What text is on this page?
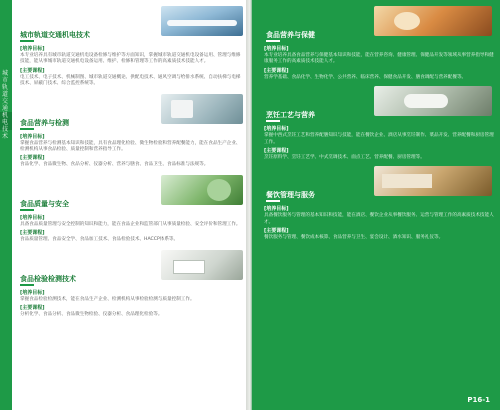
城市轨道交通机电技术
城市轨道交通机电技术
[培养目标]
本专业培养具有城市轨道交通机电设备检修与维护等方面知识，掌握城市轨道交通机电设备运用、管理与维修技能，能从事城市轨道交通机电设备运用、维护、检修和管理等工作的高素质技术技能人才。
[主要课程]
电工技术、电子技术、机械制图、城市轨道交通概论、供配电技术、通风空调与给排水系统、自动扶梯与电梯技术、屏蔽门技术、综合监控系统等。
食品营养与检测
[培养目标]
掌握食品营养与检测基本知识和技能，具有食品理化检验、微生物检验和营养配餐能力，能在食品生产企业、检测机构从事食品检验、质量控制和营养指导工作。
[主要课程]
食品化学、食品微生物、食品分析、仪器分析、营养与膳食、食品卫生、食品标准与法规等。
食品质量与安全
[培养目标]
具备食品质量管理与安全控制的知识和能力，能在食品企业和监管部门从事质量检验、安全评价和管理工作。
[主要课程]
食品质量管理、食品安全学、食品加工技术、食品检验技术、HACCP体系等。
食品检验检测技术
[培养目标]
掌握食品检验检测技术，能在食品生产企业、检测机构从事检验检测与质量控制工作。
[主要课程]
分析化学、食品分析、食品微生物检验、仪器分析、食品理化检验等。
食品营养与保健
[培养目标]
本专业培养具备食品营养与保健基本知识和技能，能在营养咨询、健康管理、保健品开发等领域从事营养指导和健康服务工作的高素质技术技能人才。
[主要课程]
营养学基础、食品化学、生物化学、公共营养、临床营养、保健食品开发、膳食调配与营养配餐等。
烹饪工艺与营养
[培养目标]
掌握中西式烹饪工艺和营养配膳知识与技能，能在餐饮企业、酒店从事烹饪制作、菜品开发、营养配餐和厨房管理工作。
[主要课程]
烹饪原料学、烹饪工艺学、中式烹调技术、面点工艺、营养配餐、厨房管理等。
餐饮管理与服务
[培养目标]
具备餐饮服务与管理的基本知识和技能，能在酒店、餐饮企业从事餐饮服务、运营与管理工作的高素质技术技能人才。
[主要课程]
餐饮服务与管理、餐饮成本核算、食品营养与卫生、宴会设计、酒水知识、服务礼仪等。
P16-1
